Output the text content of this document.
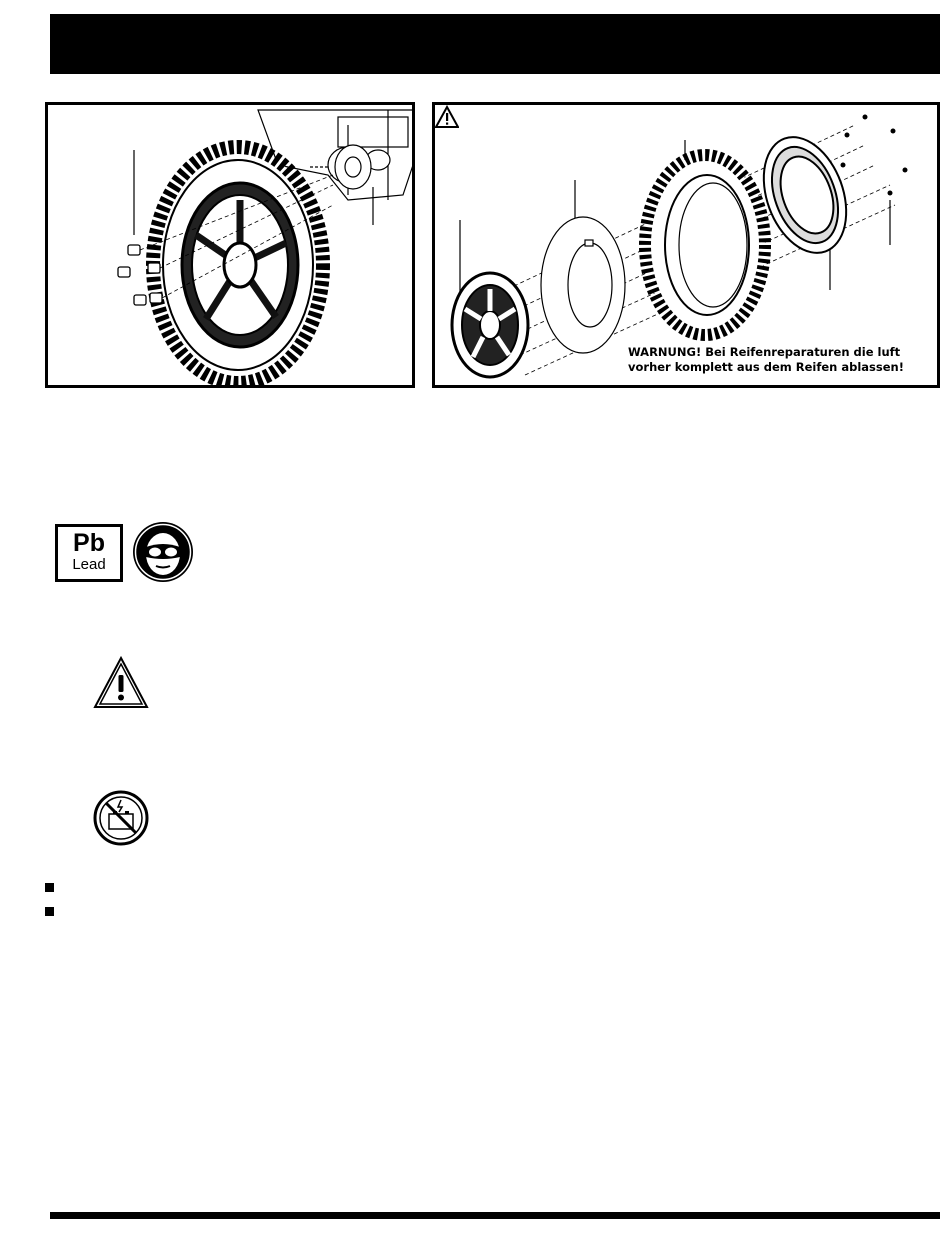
WARNUNG! Bei Reifenreparaturen die luft
vorher komplett aus dem Reifen ablassen!
Pb
Lead
